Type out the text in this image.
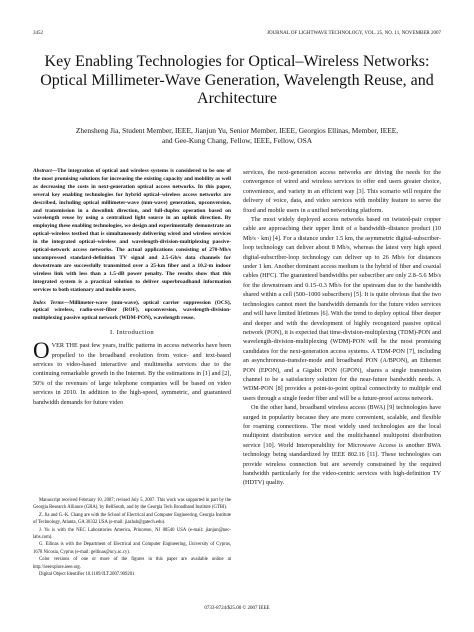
3452	JOURNAL OF LIGHTWAVE TECHNOLOGY, VOL. 25, NO. 11, NOVEMBER 2007
Key Enabling Technologies for Optical–Wireless Networks: Optical Millimeter-Wave Generation, Wavelength Reuse, and Architecture
Zhensheng Jia, Student Member, IEEE, Jianjun Yu, Senior Member, IEEE, Georgios Ellinas, Member, IEEE,
and Gee-Kung Chang, Fellow, IEEE, Fellow, OSA

Abstract—The integration of optical and wireless systems is considered to be one of the most promising solutions for increasing the existing capacity and mobility as well as decreasing the costs in next-generation optical access networks. In this paper, several key enabling technologies for hybrid optical–wireless access networks are described, including optical millimeter-wave (mm-wave) generation, upconversion, and transmission in a downlink direction, and full-duplex operation based on wavelength reuse by using a centralized light source in an uplink direction. By employing these enabling technologies, we design and experimentally demonstrate an optical–wireless testbed that is simultaneously delivering wired and wireless services in the integrated optical–wireless and wavelength-division-multiplexing passive-optical-network access networks. The actual applications consisting of 270-Mb/s uncompressed standard-definition TV signal and 2.5-Gb/s data channels for downstream are successfully transmitted over a 25-km fiber and a 10.2-m indoor wireless link with less than a 1.5-dB power penalty. The results show that this integrated system is a practical solution to deliver superbroadband information services to both stationary and mobile users.

Index Terms—Millimeter-wave (mm-wave), optical carrier suppression (OCS), optical wireless, radio-over-fiber (ROF), upconversion, wavelength-division-multiplexing passive optical network (WDM-PON), wavelength reuse.

I. Introduction

OVER THE past few years, traffic patterns in access networks have been propelled to the broadband evolution from voice- and text-based services to video-based interactive and multimedia services due to the continuing remarkable growth in the Internet. By the estimations in [1] and [2], 50% of the revenues of large telephone companies will be based on video services in 2010. In addition to the high-speed, symmetric, and guaranteed bandwidth demands for future video

services, the next-generation access networks are driving the needs for the convergence of wired and wireless services to offer end users greater choice, convenience, and variety in an efficient way [3]. This scenario will require the delivery of voice, data, and video services with mobility feature to serve the fixed and mobile users in a unified networking platform.

The most widely deployed access networks based on twisted-pair copper cable are approaching their upper limit of a bandwidth–distance product (10 Mb/s · km) [4]. For a distance under 1.5 km, the asymmetric digital-subscriber-loop technology can deliver about 8 Mb/s, whereas the latest very high speed digital-subscriber-loop technology can deliver up to 26 Mb/s for distances under 1 km. Another dominant access medium is the hybrid of fiber and coaxial cables (HFC). The guaranteed bandwidths per subscriber are only 2.8–5.6 Mb/s for the downstream and 0.15–0.3 Mb/s for the upstream due to the bandwidth shared within a cell (500–1000 subscribers) [5]. It is quite obvious that the two technologies cannot meet the bandwidth demands for the future video services and will have limited lifetimes [6]. With the trend to deploy optical fiber deeper and deeper and with the development of highly recognized passive optical network (PON), it is expected that time-division-multiplexing (TDM)-PON and wavelength-division-multiplexing (WDM)-PON will be the most promising candidates for the next-generation access systems. A TDM-PON [7], including an asynchronous-transfer-mode and broadband PON (A/BPON), an Ethernet PON (EPON), and a Gigabit PON (GPON), shares a single transmission channel to be a satisfactory solution for the near-future bandwidth needs. A WDM-PON [8] provides a point-to-point optical connectivity to multiple end users through a single feeder fiber and will be a future-proof access network.

On the other hand, broadband wireless access (BWA) [9] technologies have surged in popularity because they are more convenient, scalable, and flexible for roaming connections. The most widely used technologies are the local multipoint distribution service and the multichannel multipoint distribution service [10]. World Interoperability for Microwave Access is another BWA technology being standardized by IEEE 802.16 [11]. These technologies can provide wireless connection but are severely constrained by the required bandwidth particularly for the video-centric services with high-definition TV (HDTV) quality.

Manuscript received February 10, 2007; revised July 5, 2007. This work was supported in part by the Georgia Research Alliance (GRA), by BellSouth, and by the Georgia Tech Broadband Institute (GTBI).

Z. Jia and G.-K. Chang are with the School of Electrical and Computer Engineering, Georgia Institute of Technology, Atlanta, GA 30332 USA (e-mail: jiazhsh@gatech.edu).

J. Yu is with the NEC Laboratories America, Princeton, NJ 08540 USA (e-mail: jianjun@nec-labs.com).

G. Ellinas is with the Department of Electrical and Computer Engineering, University of Cyprus, 1678 Nicosia, Cyprus (e-mail: gellinas@ucy.ac.cy).

Color versions of one or more of the figures in this paper are available online at http://ieeexplore.ieee.org.

Digital Object Identifier 10.1109/JLT.2007.909201

0733-8724/$25.00 © 2007 IEEE
